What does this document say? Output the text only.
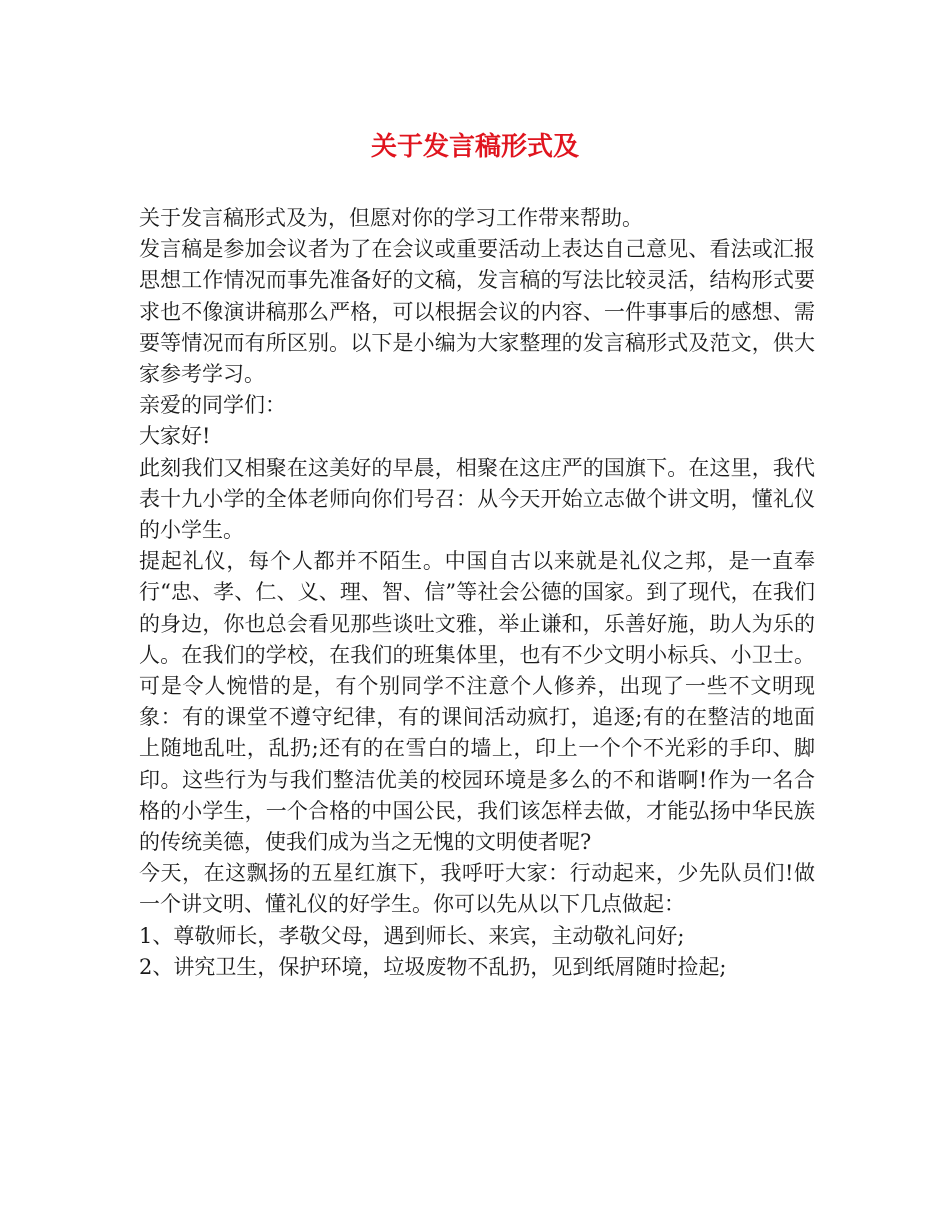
关于发言稿形式及

关于发言稿形式及为，但愿对你的学习工作带来帮助。

发言稿是参加会议者为了在会议或重要活动上表达自己意见、看法或汇报思想工作情况而事先准备好的文稿，发言稿的写法比较灵活，结构形式要求也不像演讲稿那么严格，可以根据会议的内容、一件事事后的感想、需要等情况而有所区别。以下是小编为大家整理的发言稿形式及范文，供大家参考学习。

亲爱的同学们：

大家好!

此刻我们又相聚在这美好的早晨，相聚在这庄严的国旗下。在这里，我代表十九小学的全体老师向你们号召：从今天开始立志做个讲文明，懂礼仪的小学生。

提起礼仪，每个人都并不陌生。中国自古以来就是礼仪之邦，是一直奉行“忠、孝、仁、义、理、智、信”等社会公德的国家。到了现代，在我们的身边，你也总会看见那些谈吐文雅，举止谦和，乐善好施，助人为乐的人。在我们的学校，在我们的班集体里，也有不少文明小标兵、小卫士。可是令人惋惜的是，有个别同学不注意个人修养，出现了一些不文明现象：有的课堂不遵守纪律，有的课间活动疯打，追逐;有的在整洁的地面上随地乱吐，乱扔;还有的在雪白的墙上，印上一个个不光彩的手印、脚印。这些行为与我们整洁优美的校园环境是多么的不和谐啊!作为一名合格的小学生，一个合格的中国公民，我们该怎样去做，才能弘扬中华民族的传统美德，使我们成为当之无愧的文明使者呢?

今天，在这飘扬的五星红旗下，我呼吁大家：行动起来，少先队员们!做一个讲文明、懂礼仪的好学生。你可以先从以下几点做起：

1、尊敬师长，孝敬父母，遇到师长、来宾，主动敬礼问好;

2、讲究卫生，保护环境，垃圾废物不乱扔，见到纸屑随时捡起;
